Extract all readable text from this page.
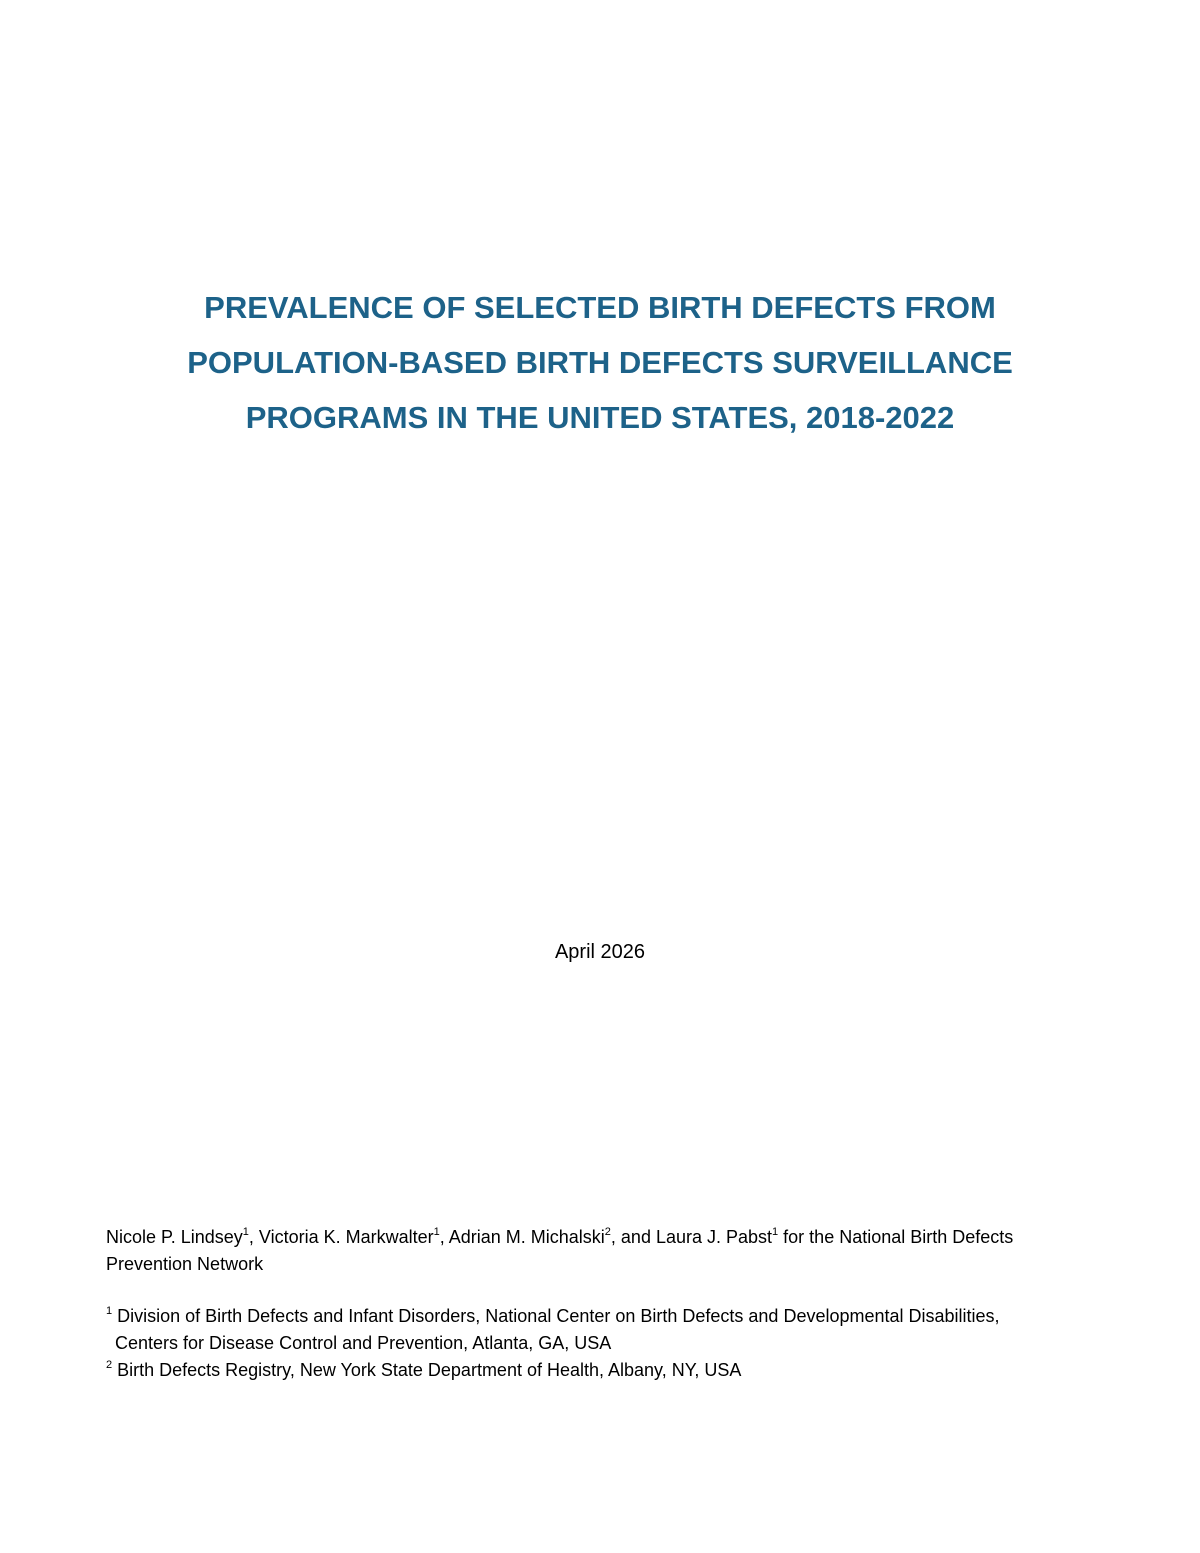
PREVALENCE OF SELECTED BIRTH DEFECTS FROM
POPULATION-BASED BIRTH DEFECTS SURVEILLANCE
PROGRAMS IN THE UNITED STATES, 2018-2022
April 2026

Nicole P. Lindsey$^1$, Victoria K. Markwalter$^1$, Adrian M. Michalski$^2$, and Laura J. Pabst$^1$ for the National Birth Defects Prevention Network

$^1$ Division of Birth Defects and Infant Disorders, National Center on Birth Defects and Developmental Disabilities,
Centers for Disease Control and Prevention, Atlanta, GA, USA
$^2$ Birth Defects Registry, New York State Department of Health, Albany, NY, USA
